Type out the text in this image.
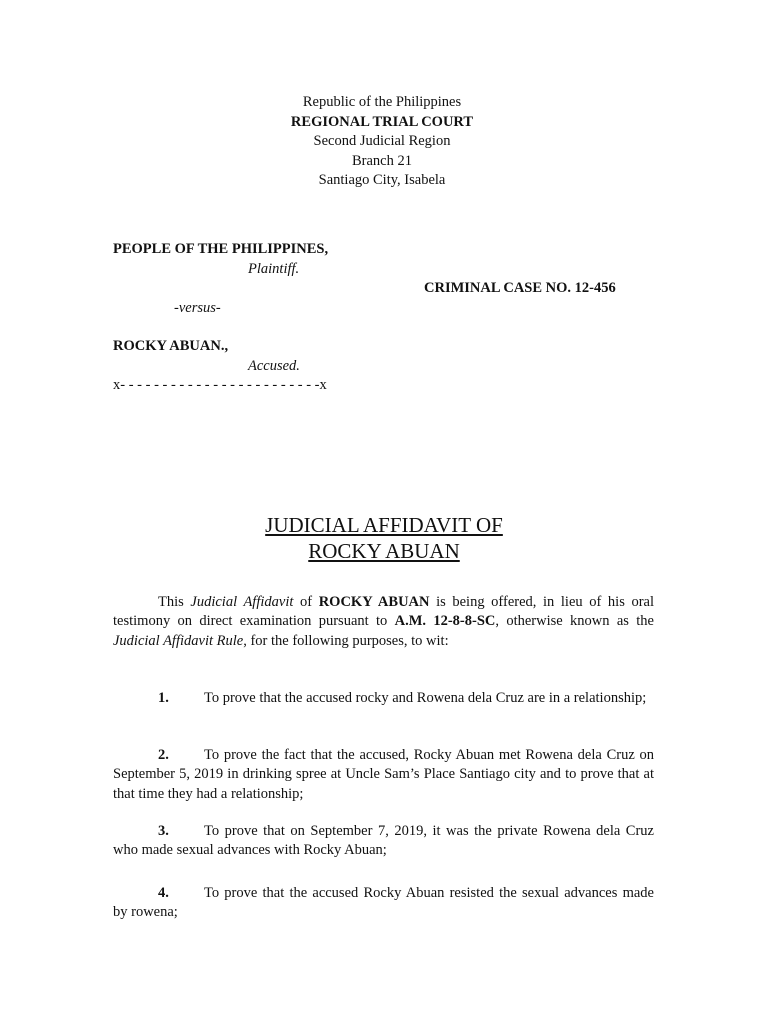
Republic of the Philippines
REGIONAL TRIAL COURT
Second Judicial Region
Branch 21
Santiago City, Isabela
PEOPLE OF THE PHILIPPINES,
Plaintiff.
CRIMINAL CASE NO. 12-456
-versus-
ROCKY ABUAN.,
Accused.
x- - - - - - - - - - - - - - - - - - - - - - - -x
JUDICIAL AFFIDAVIT OF
ROCKY ABUAN
This Judicial Affidavit of ROCKY ABUAN is being offered, in lieu of his oral testimony on direct examination pursuant to A.M. 12-8-8-SC, otherwise known as the Judicial Affidavit Rule, for the following purposes, to wit:
1. To prove that the accused rocky and Rowena dela Cruz are in a relationship;
2. To prove the fact that the accused, Rocky Abuan met Rowena dela Cruz on September 5, 2019 in drinking spree at Uncle Sam’s Place Santiago city and to prove that at that time they had a relationship;
3. To prove that on September 7, 2019, it was the private Rowena dela Cruz who made sexual advances with Rocky Abuan;
4. To prove that the accused Rocky Abuan resisted the sexual advances made by rowena;
